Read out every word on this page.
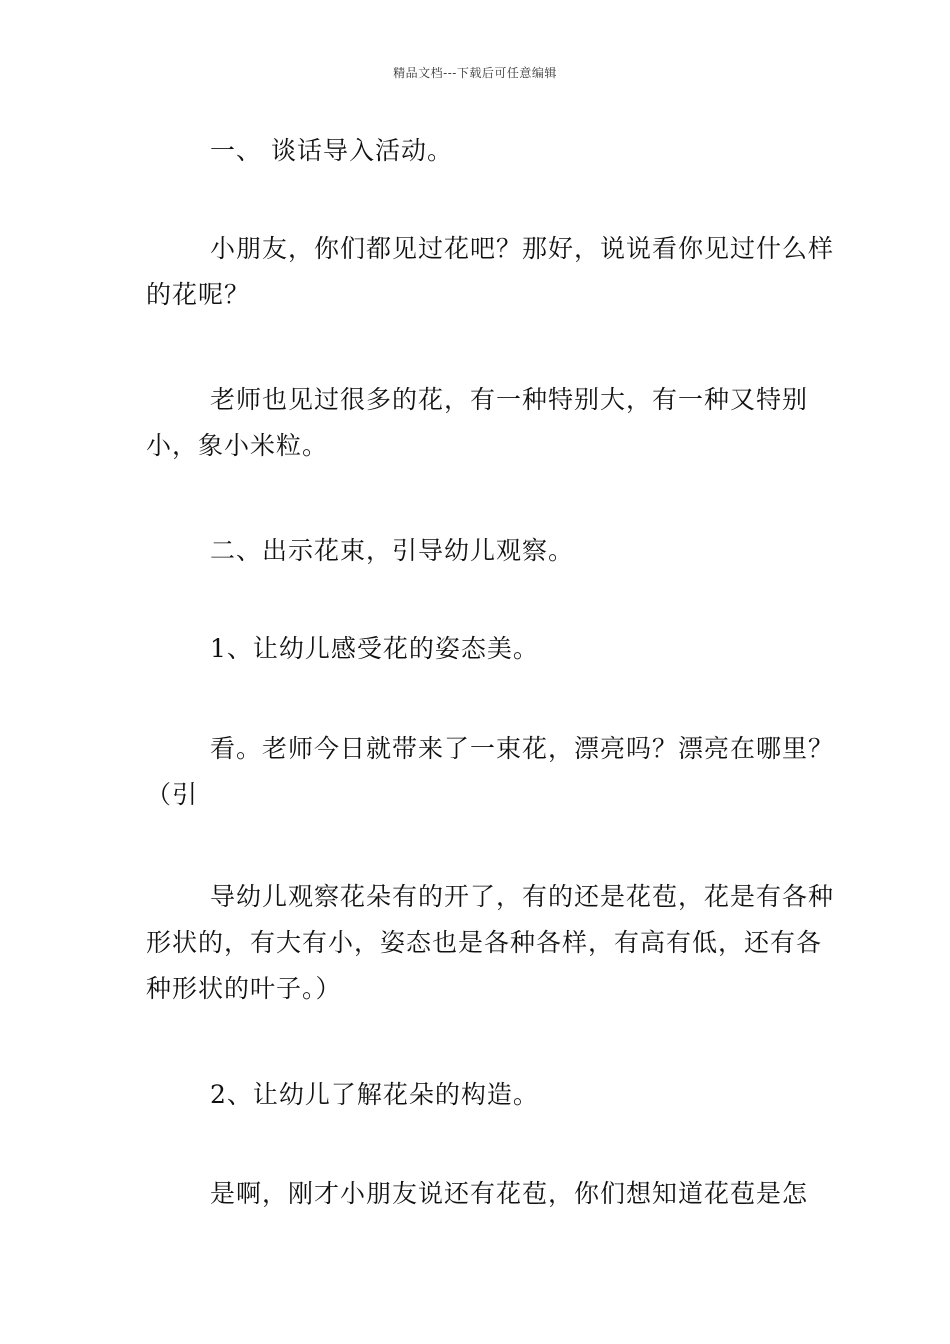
精品文档---下载后可任意编辑

一、 谈话导入活动。

小朋友，你们都见过花吧？那好，说说看你见过什么样的花呢？

老师也见过很多的花，有一种特别大，有一种又特别小，象小米粒。

二、出示花束，引导幼儿观察。

1、让幼儿感受花的姿态美。

看。老师今日就带来了一束花，漂亮吗？漂亮在哪里？（引

导幼儿观察花朵有的开了，有的还是花苞，花是有各种形状的，有大有小，姿态也是各种各样，有高有低，还有各种形状的叶子。）

2、让幼儿了解花朵的构造。

是啊，刚才小朋友说还有花苞，你们想知道花苞是怎
